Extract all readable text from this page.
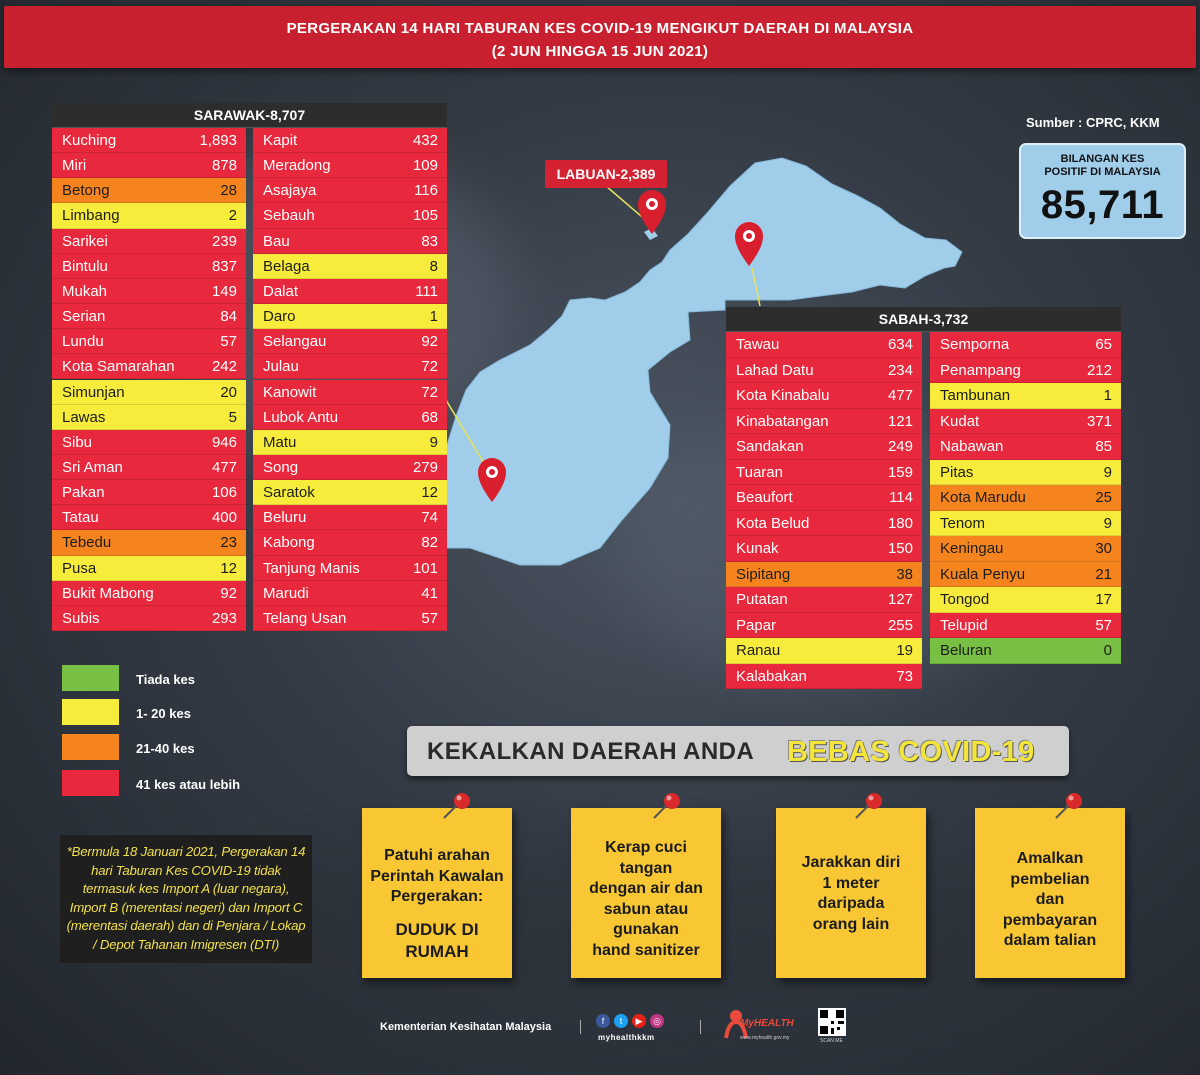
PERGERAKAN 14 HARI TABURAN KES COVID-19 MENGIKUT DAERAH DI MALAYSIA
(2 JUN HINGGA 15 JUN 2021)
LABUAN-2,389
SARAWAK-8,707
Kuching	1,893
Miri	878
Betong	28
Limbang	2
Sarikei	239
Bintulu	837
Mukah	149
Serian	84
Lundu	57
Kota Samarahan 242
Simunjan	20
Lawas	5
Sibu	946
Sri Aman	477
Pakan	106
Tatau	400
Tebedu	23
Pusa	12
Bukit Mabong	92
Subis	293
Kapit	432
Meradong	109
Asajaya	116
Sebauh	105
Bau	83
Belaga	8
Dalat	111
Daro	1
Selangau	92
Julau	72
Kanowit	72
Lubok Antu	68
Matu	9
Song	279
Saratok	12
Beluru	74
Kabong	82
Tanjung Manis	101
Marudi	41
Telang Usan	57
SABAH-3,732
Tawau	634
Lahad Datu	234
Kota Kinabalu	477
Kinabatangan	121
Sandakan	249
Tuaran	159
Beaufort	114
Kota Belud	180
Kunak	150
Sipitang	38
Putatan	127
Papar	255
Ranau	19
Kalabakan	73
Semporna	65
Penampang	212
Tambunan	1
Kudat	371
Nabawan	85
Pitas	9
Kota Marudu	25
Tenom	9
Keningau	30
Kuala Penyu	21
Tongod	17
Telupid	57
Beluran	0
Sumber : CPRC, KKM
BILANGAN KES
POSITIF DI MALAYSIA
85,711
Tiada kes
1- 20 kes
21-40 kes
41 kes atau lebih
*Bermula 18 Januari 2021, Pergerakan 14 hari Taburan Kes COVID-19 tidak termasuk kes Import A (luar negara), Import B (merentasi negeri) dan Import C (merentasi daerah) dan di Penjara / Lokap / Depot Tahanan Imigresen (DTI)
KEKALKAN DAERAH ANDA BEBAS COVID-19
Patuhi arahan
Perintah Kawalan
Pergerakan:
DUDUK DI
RUMAH
Kerap cuci
tangan
dengan air dan
sabun atau
gunakan
hand sanitizer
Jarakkan diri
1 meter
daripada
orang lain
Amalkan
pembelian
dan
pembayaran
dalam talian
Kementerian Kesihatan Malaysia	f	t	▶	◎
myhealthkkm
MyHEALTH
www.myhealth.gov.my	SCAN ME
